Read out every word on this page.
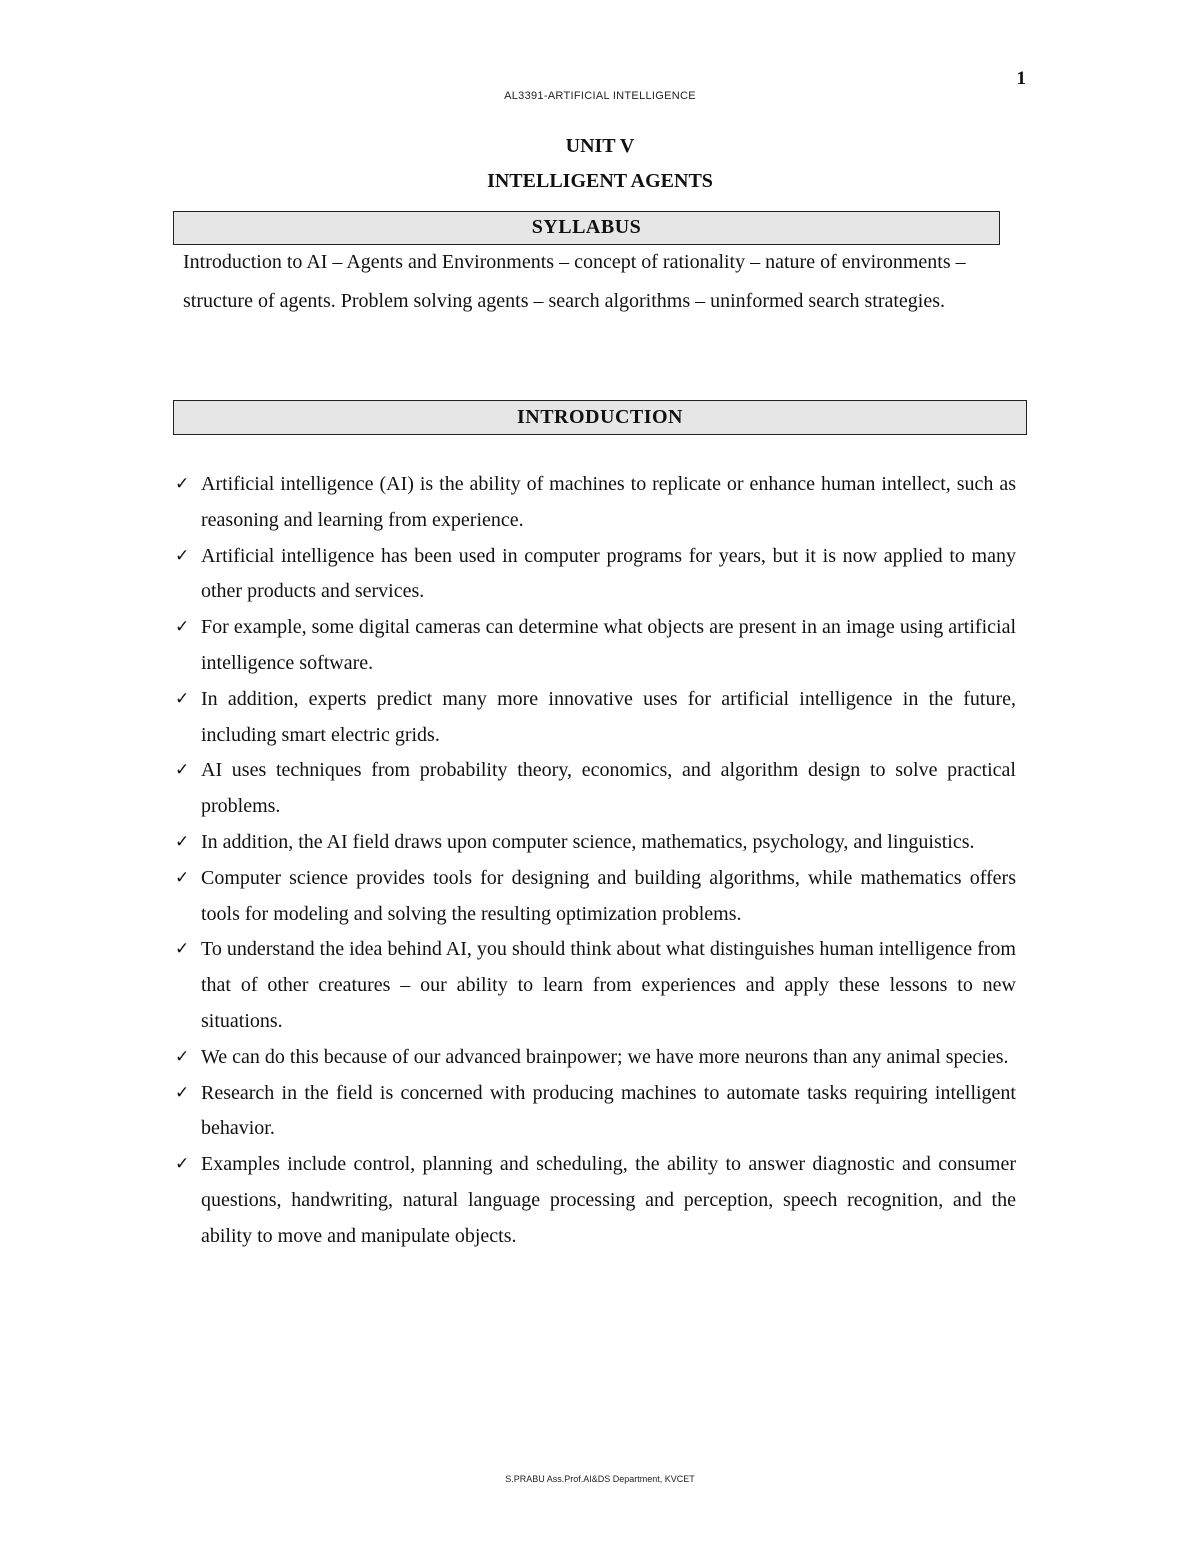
1
AL3391-ARTIFICIAL INTELLIGENCE
UNIT V
INTELLIGENT AGENTS
SYLLABUS
Introduction to AI – Agents and Environments – concept of rationality – nature of environments – structure of agents. Problem solving agents – search algorithms – uninformed search strategies.
INTRODUCTION
✓ Artificial intelligence (AI) is the ability of machines to replicate or enhance human intellect, such as reasoning and learning from experience.
✓ Artificial intelligence has been used in computer programs for years, but it is now applied to many other products and services.
✓ For example, some digital cameras can determine what objects are present in an image using artificial intelligence software.
✓ In addition, experts predict many more innovative uses for artificial intelligence in the future, including smart electric grids.
✓ AI uses techniques from probability theory, economics, and algorithm design to solve practical problems.
✓ In addition, the AI field draws upon computer science, mathematics, psychology, and linguistics.
✓ Computer science provides tools for designing and building algorithms, while mathematics offers tools for modeling and solving the resulting optimization problems.
✓ To understand the idea behind AI, you should think about what distinguishes human intelligence from that of other creatures – our ability to learn from experiences and apply these lessons to new situations.
✓ We can do this because of our advanced brainpower; we have more neurons than any animal species.
✓ Research in the field is concerned with producing machines to automate tasks requiring intelligent behavior.
✓ Examples include control, planning and scheduling, the ability to answer diagnostic and consumer questions, handwriting, natural language processing and perception, speech recognition, and the ability to move and manipulate objects.
S.PRABU Ass.Prof.AI&DS Department, KVCET
